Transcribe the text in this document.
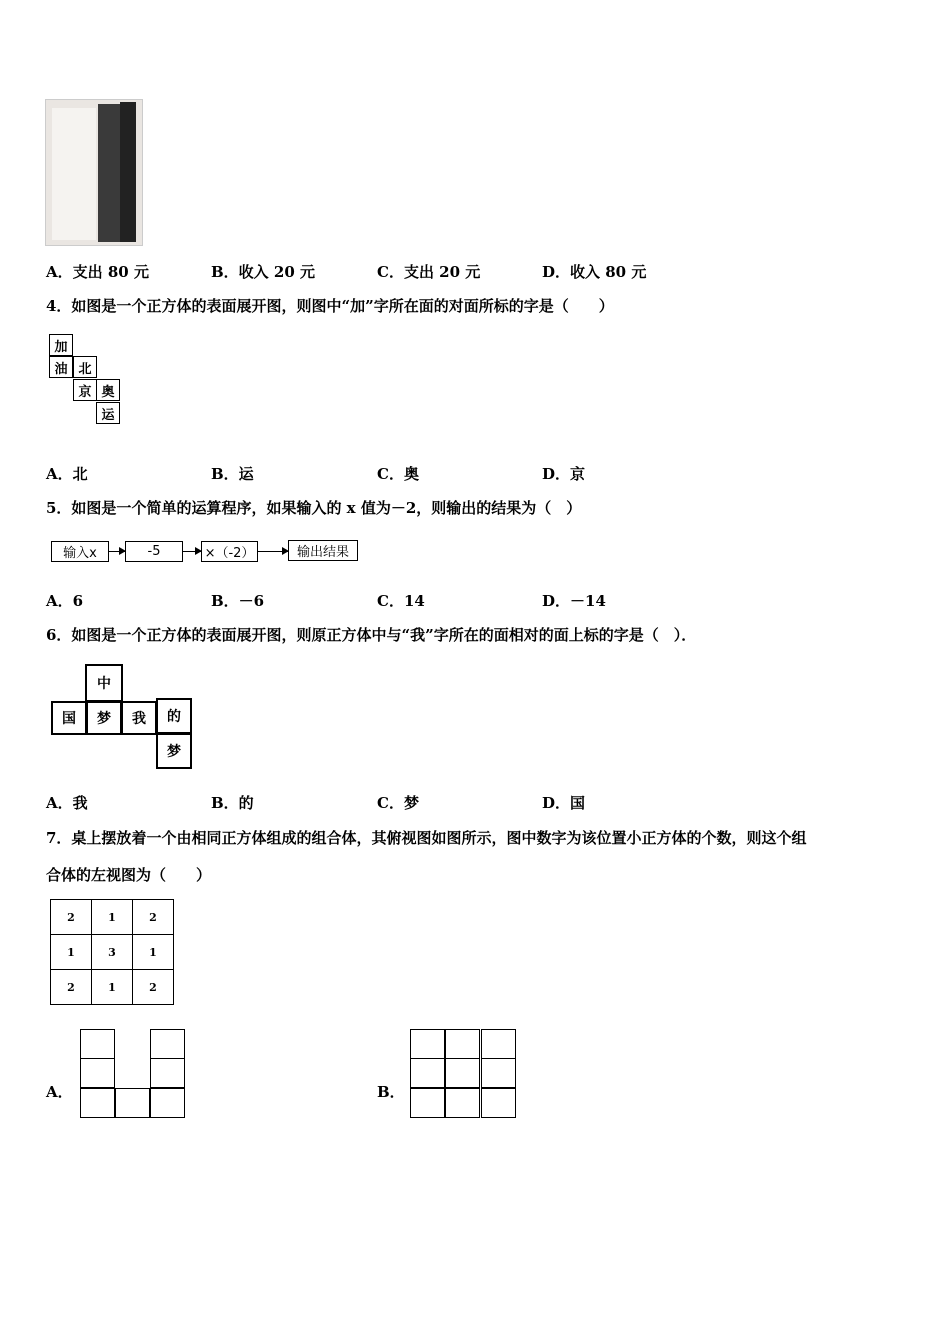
A．支出 80 元	B．收入 20 元	C．支出 20 元	D．收入 80 元
4．如图是一个正方体的表面展开图，则图中“加”字所在面的对面所标的字是（　　）
加
油 北
京 奥
运
A．北	B．运	C．奥	D．京
5．如图是一个简单的运算程序，如果输入的 x 值为－2，则输出的结果为（　）
输入x	-5	×（-2）	输出结果
A．6	B．－6	C．14	D．－14
6．如图是一个正方体的表面展开图，则原正方体中与“我”字所在的面相对的面上标的字是（　）．
中
国	梦	我	的
梦
A．我	B．的	C．梦	D．国
7．桌上摆放着一个由相同正方体组成的组合体，其俯视图如图所示，图中数字为该位置小正方体的个数，则这个组
合体的左视图为（　　）
2	1	2
1	3	1
2	1	2
A．	B．
